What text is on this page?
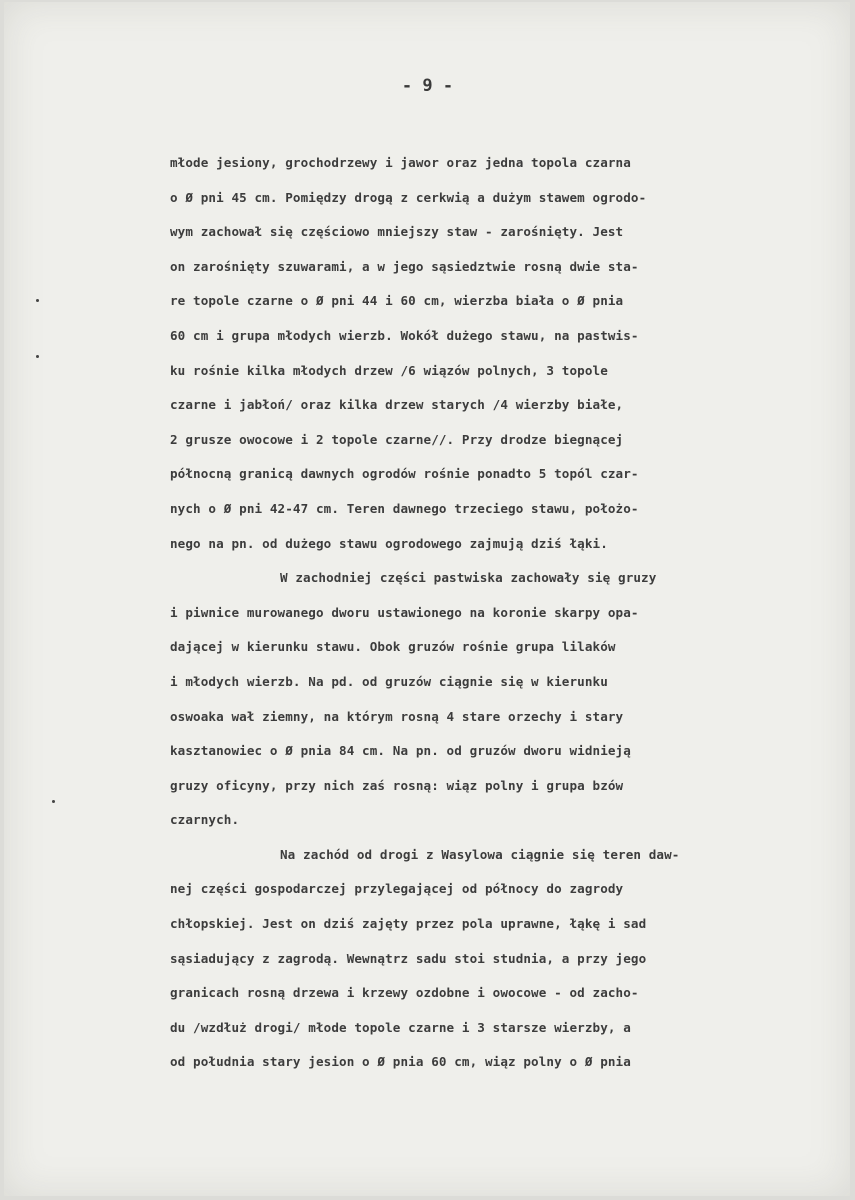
- 9 -
młode jesiony, grochodrzewy i jawor oraz jedna topola czarna
o Ø pni 45 cm. Pomiędzy drogą z cerkwią a dużym stawem ogrodo-
wym zachował się częściowo mniejszy staw - zarośnięty. Jest
on zarośnięty szuwarami, a w jego sąsiedztwie rosną dwie sta-
re topole czarne o Ø pni 44 i 60 cm, wierzba biała o Ø pnia
60 cm i grupa młodych wierzb. Wokół dużego stawu, na pastwis-
ku rośnie kilka młodych drzew /6 wiązów polnych, 3 topole
czarne i jabłoń/ oraz kilka drzew starych /4 wierzby białe,
2 grusze owocowe i 2 topole czarne//. Przy drodze biegnącej
północną granicą dawnych ogrodów rośnie ponadto 5 topól czar-
nych o Ø pni 42-47 cm. Teren dawnego trzeciego stawu, położo-
nego na pn. od dużego stawu ogrodowego zajmują dziś łąki.
W zachodniej części pastwiska zachowały się gruzy
i piwnice murowanego dworu ustawionego na koronie skarpy opa-
dającej w kierunku stawu. Obok gruzów rośnie grupa lilaków
i młodych wierzb. Na pd. od gruzów ciągnie się w kierunku
oswoaka wał ziemny, na którym rosną 4 stare orzechy i stary
kasztanowiec o Ø pnia 84 cm. Na pn. od gruzów dworu widnieją
gruzy oficyny, przy nich zaś rosną: wiąz polny i grupa bzów
czarnych.
Na zachód od drogi z Wasylowa ciągnie się teren daw-
nej części gospodarczej przylegającej od północy do zagrody
chłopskiej. Jest on dziś zajęty przez pola uprawne, łąkę i sad
sąsiadujący z zagrodą. Wewnątrz sadu stoi studnia, a przy jego
granicach rosną drzewa i krzewy ozdobne i owocowe - od zacho-
du /wzdłuż drogi/ młode topole czarne i 3 starsze wierzby, a
od południa stary jesion o Ø pnia 60 cm, wiąz polny o Ø pnia
